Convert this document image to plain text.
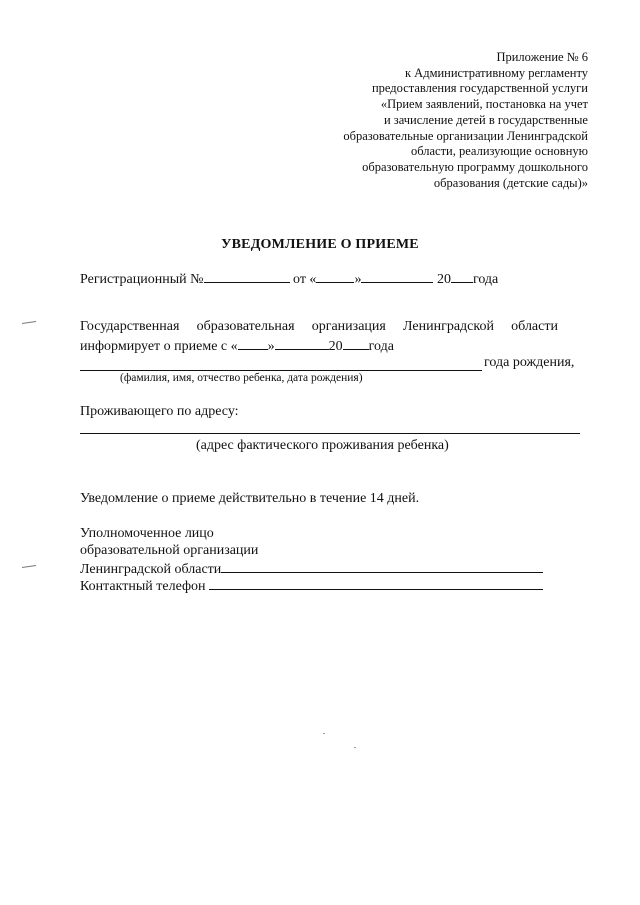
Приложение № 6
к Административному регламенту
предоставления государственной услуги
«Прием заявлений, постановка на учет
и зачисление детей в государственные
образовательные организации Ленинградской
области, реализующие основную
образовательную программу дошкольного
образования (детские сады)»
УВЕДОМЛЕНИЕ О ПРИЕМЕ
Регистрационный №	от «	»	20 года
Государственная образовательная организация Ленинградской области
информирует о приеме с « »	20 года
года рождения,
(фамилия, имя, отчество ребенка, дата рождения)
Проживающего по адресу:
(адрес фактического проживания ребенка)
Уведомление о приеме действительно в течение 14 дней.
Уполномоченное лицо
образовательной организации
Ленинградской области
Контактный телефон
